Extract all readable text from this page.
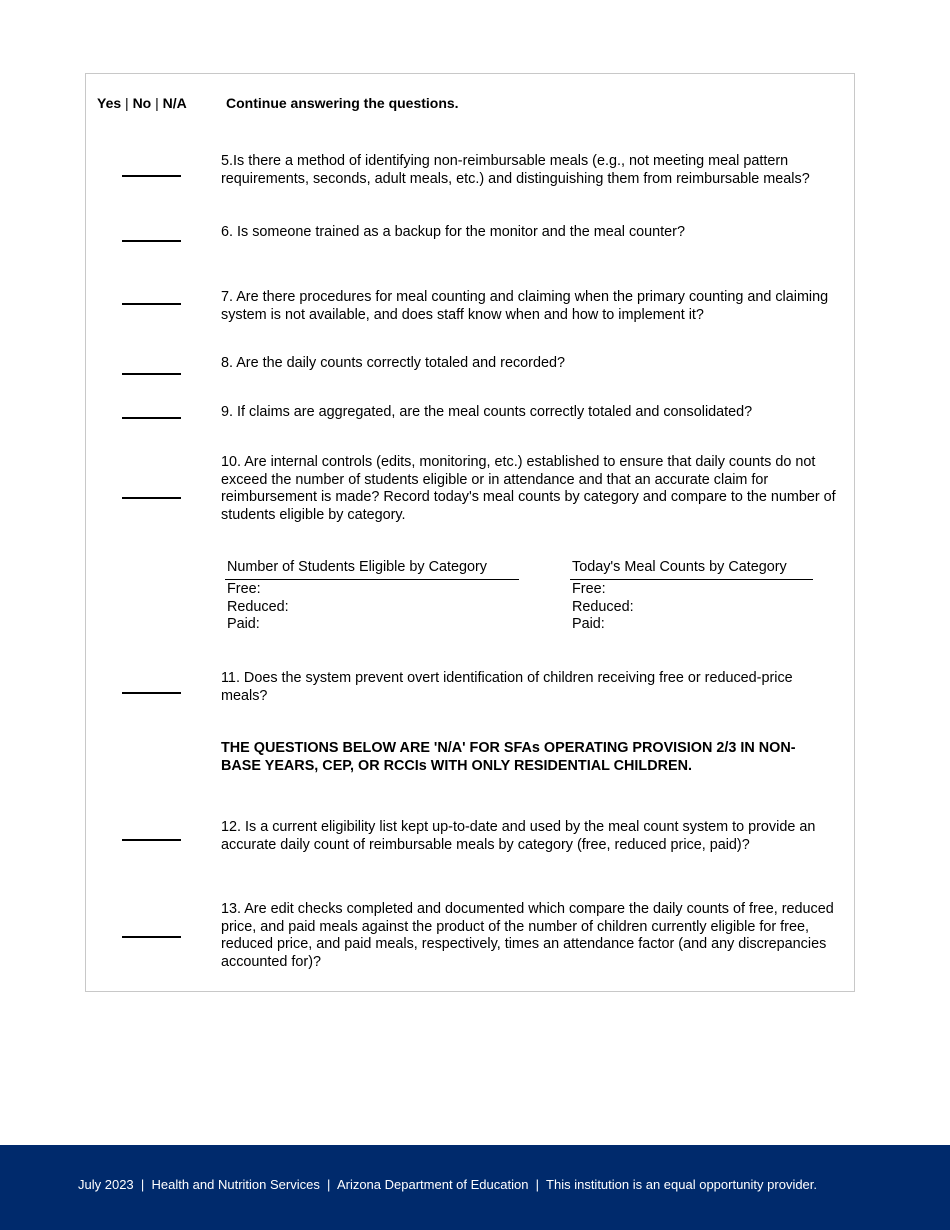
Yes | No | N/A	Continue answering the questions.
5.Is there a method of identifying non-reimbursable meals (e.g., not meeting meal pattern requirements, seconds, adult meals, etc.) and distinguishing them from reimbursable meals?
6. Is someone trained as a backup for the monitor and the meal counter?
7. Are there procedures for meal counting and claiming when the primary counting and claiming system is not available, and does staff know when and how to implement it?
8. Are the daily counts correctly totaled and recorded?
9. If claims are aggregated, are the meal counts correctly totaled and consolidated?
10. Are internal controls (edits, monitoring, etc.) established to ensure that daily counts do not exceed the number of students eligible or in attendance and that an accurate claim for reimbursement is made? Record today's meal counts by category and compare to the number of students eligible by category.
Number of Students Eligible by Category	Today's Meal Counts by Category
Free:
Reduced:
Paid:
Free:
Reduced:
Paid:
11. Does the system prevent overt identification of children receiving free or reduced-price meals?
THE QUESTIONS BELOW ARE 'N/A' FOR SFAs OPERATING PROVISION 2/3 IN NON-BASE YEARS, CEP, OR RCCIs WITH ONLY RESIDENTIAL CHILDREN.
12. Is a current eligibility list kept up-to-date and used by the meal count system to provide an accurate daily count of reimbursable meals by category (free, reduced price, paid)?
13. Are edit checks completed and documented which compare the daily counts of free, reduced price, and paid meals against the product of the number of children currently eligible for free, reduced price, and paid meals, respectively, times an attendance factor (and any discrepancies accounted for)?
July 2023  |  Health and Nutrition Services  |  Arizona Department of Education  |  This institution is an equal opportunity provider.
